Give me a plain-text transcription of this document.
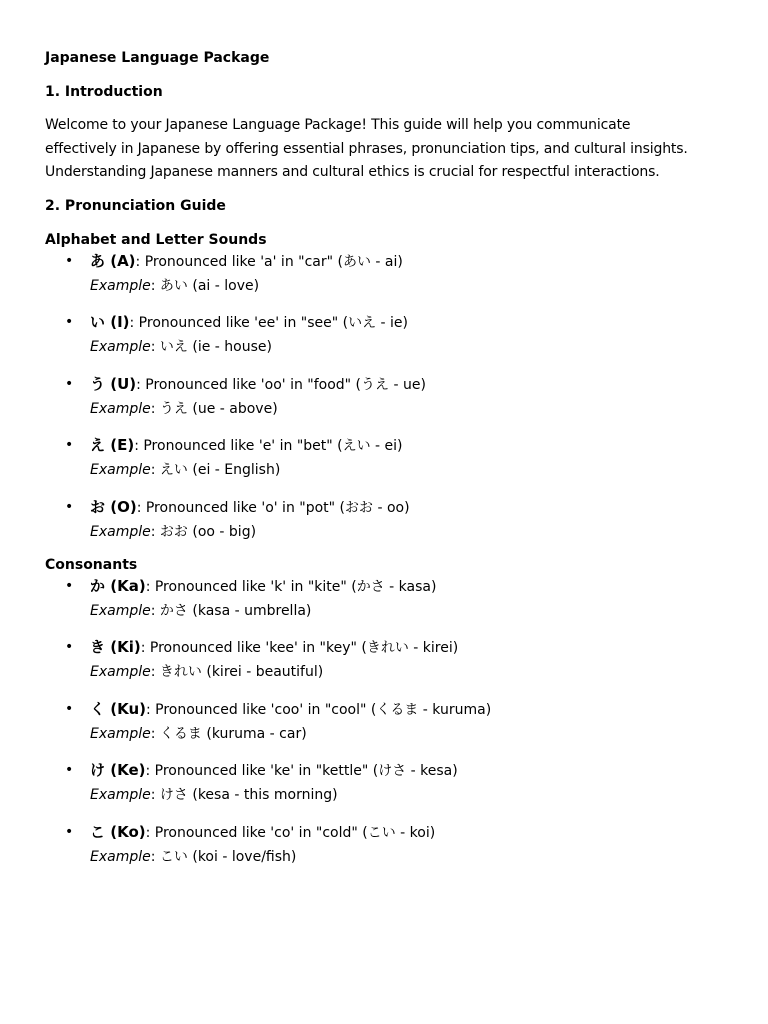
Japanese Language Package

1. Introduction

Welcome to your Japanese Language Package! This guide will help you communicate
effectively in Japanese by offering essential phrases, pronunciation tips, and cultural insights.
Understanding Japanese manners and cultural ethics is crucial for respectful interactions.

2. Pronunciation Guide

Alphabet and Letter Sounds

• あ (A): Pronounced like 'a' in "car" (あい - ai)
Example: あい (ai - love)
• い (I): Pronounced like 'ee' in "see" (いえ - ie)
Example: いえ (ie - house)
• う (U): Pronounced like 'oo' in "food" (うえ - ue)
Example: うえ (ue - above)
• え (E): Pronounced like 'e' in "bet" (えい - ei)
Example: えい (ei - English)
• お (O): Pronounced like 'o' in "pot" (おお - oo)
Example: おお (oo - big)

Consonants

• か (Ka): Pronounced like 'k' in "kite" (かさ - kasa)
Example: かさ (kasa - umbrella)
• き (Ki): Pronounced like 'kee' in "key" (きれい - kirei)
Example: きれい (kirei - beautiful)
• く (Ku): Pronounced like 'coo' in "cool" (くるま - kuruma)
Example: くるま (kuruma - car)
• け (Ke): Pronounced like 'ke' in "kettle" (けさ - kesa)
Example: けさ (kesa - this morning)
• こ (Ko): Pronounced like 'co' in "cold" (こい - koi)
Example: こい (koi - love/fish)
